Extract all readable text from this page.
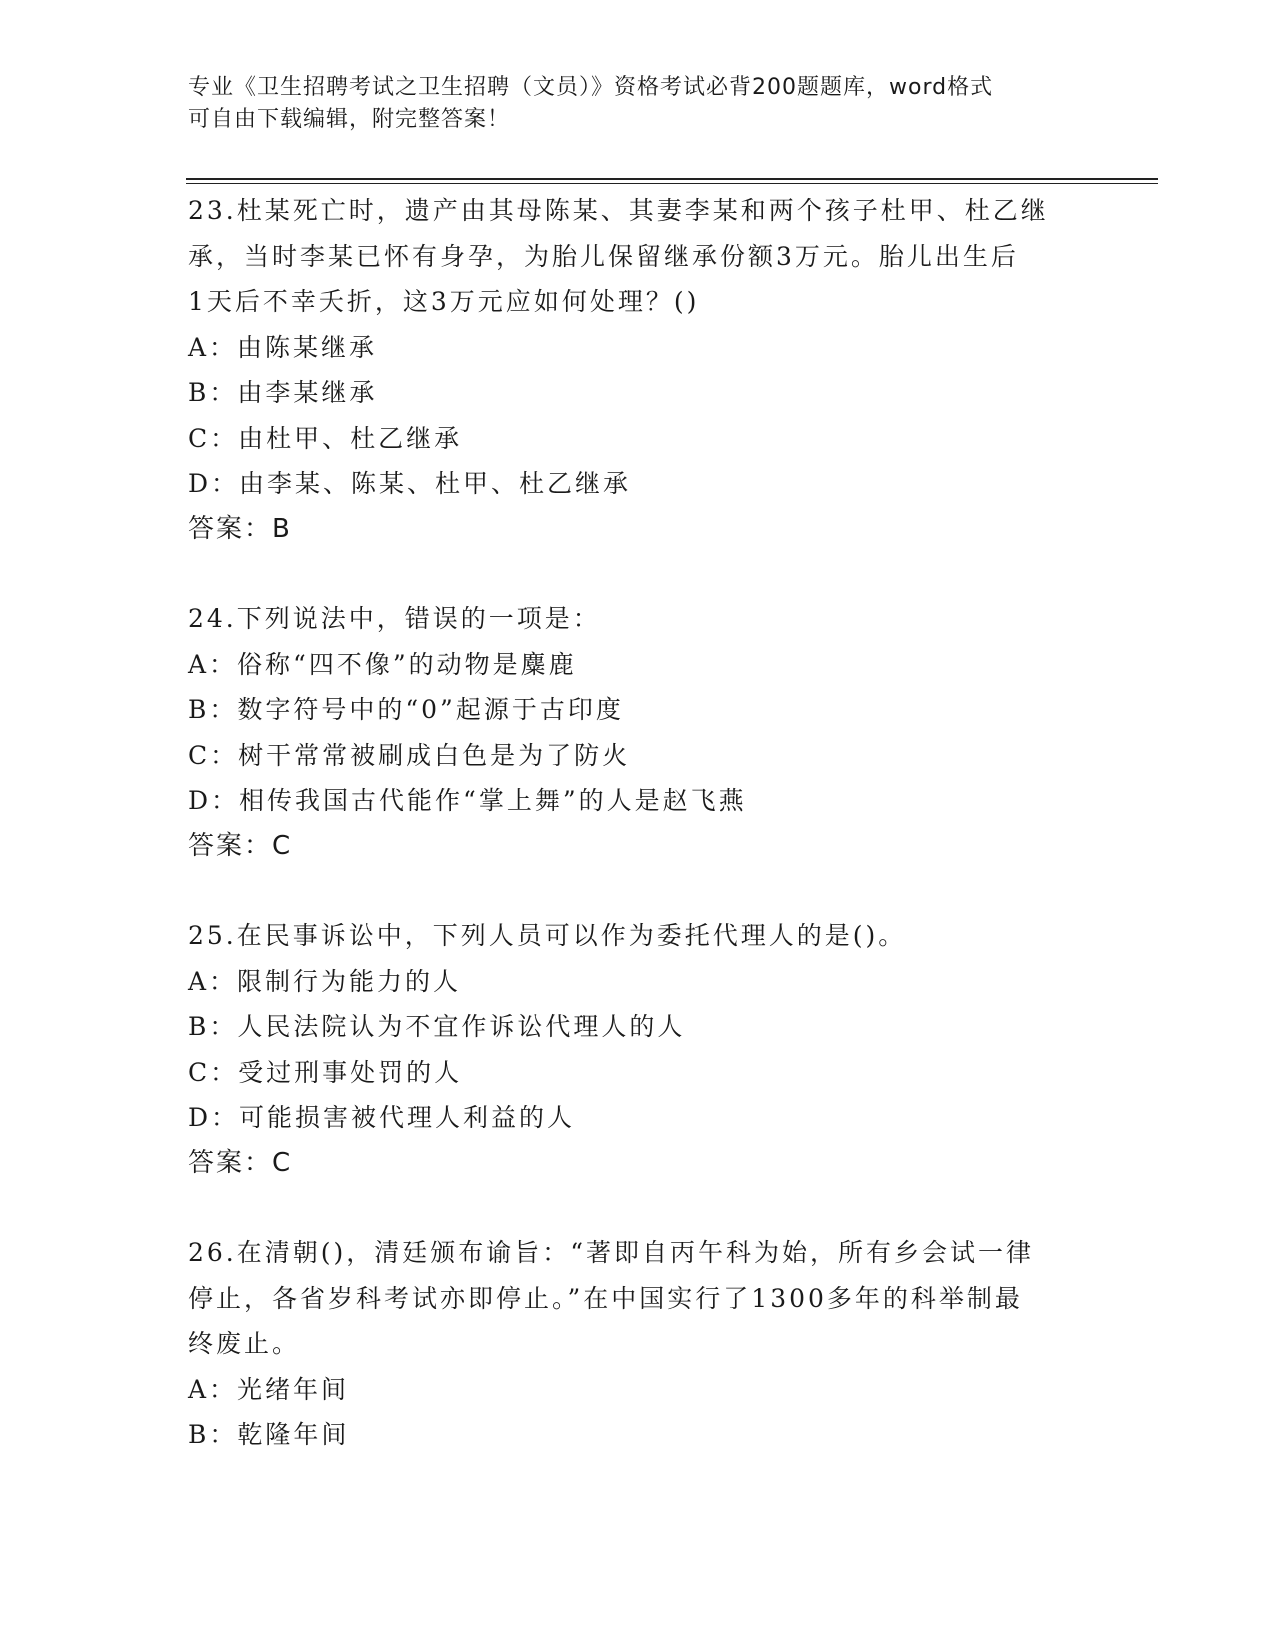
专业《卫生招聘考试之卫生招聘（文员）》资格考试必背200题题库，word格式
可自由下载编辑，附完整答案！
23.杜某死亡时，遗产由其母陈某、其妻李某和两个孩子杜甲、杜乙继
承，当时李某已怀有身孕，为胎儿保留继承份额3万元。胎儿出生后
1天后不幸夭折，这3万元应如何处理？()
A：由陈某继承
B：由李某继承
C：由杜甲、杜乙继承
D：由李某、陈某、杜甲、杜乙继承
答案：B
24.下列说法中，错误的一项是：
A：俗称“四不像”的动物是麋鹿
B：数字符号中的“0”起源于古印度
C：树干常常被刷成白色是为了防火
D：相传我国古代能作“掌上舞”的人是赵飞燕
答案：C
25.在民事诉讼中，下列人员可以作为委托代理人的是()。
A：限制行为能力的人
B：人民法院认为不宜作诉讼代理人的人
C：受过刑事处罚的人
D：可能损害被代理人利益的人
答案：C
26.在清朝()，清廷颁布谕旨：“著即自丙午科为始，所有乡会试一律
停止，各省岁科考试亦即停止。”在中国实行了1300多年的科举制最
终废止。
A：光绪年间
B：乾隆年间
